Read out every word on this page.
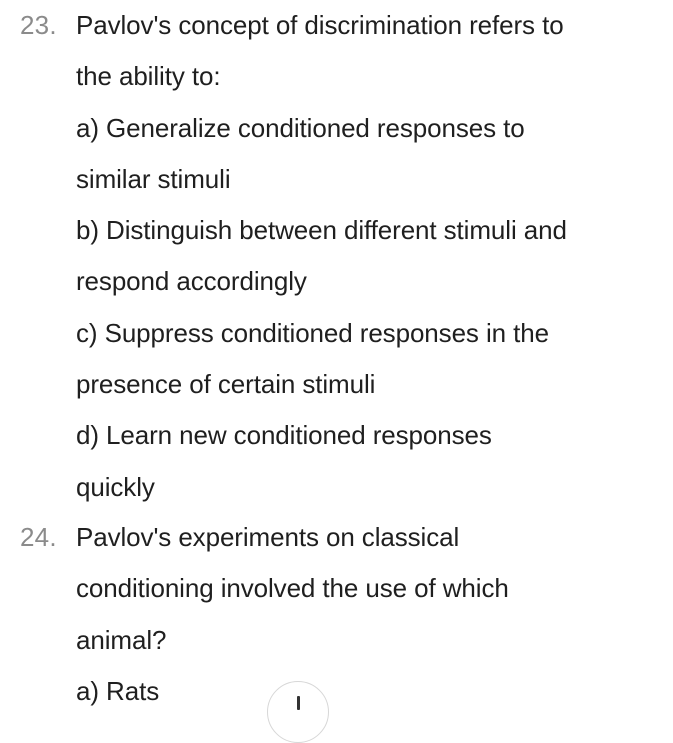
23. Pavlov's concept of discrimination refers to
the ability to:
a) Generalize conditioned responses to
similar stimuli
b) Distinguish between different stimuli and
respond accordingly
c) Suppress conditioned responses in the
presence of certain stimuli
d) Learn new conditioned responses
quickly
24. Pavlov's experiments on classical
conditioning involved the use of which
animal?
a) Rats
